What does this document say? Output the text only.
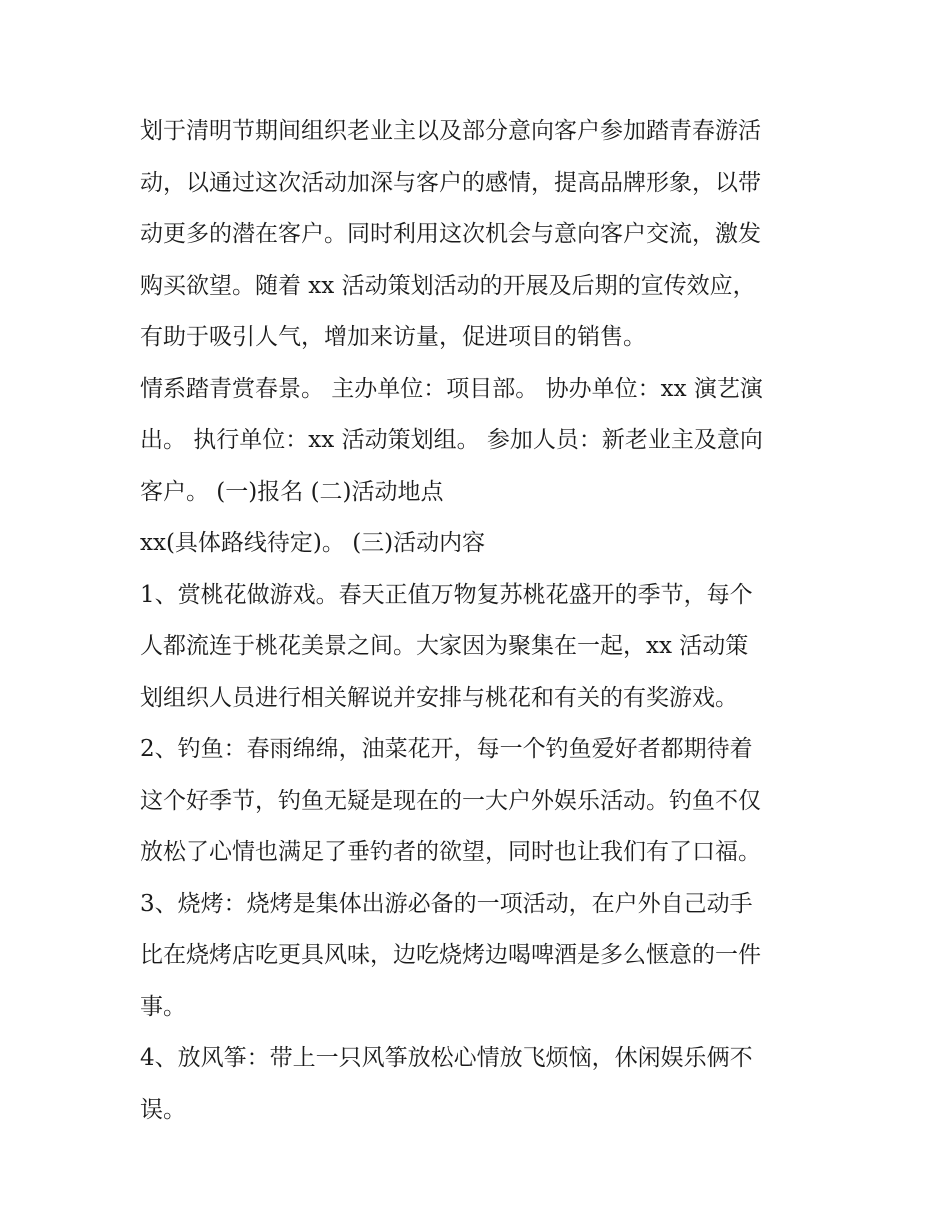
划于清明节期间组织老业主以及部分意向客户参加踏青春游活
动，以通过这次活动加深与客户的感情，提高品牌形象，以带
动更多的潜在客户。同时利用这次机会与意向客户交流，激发
购买欲望。随着 xx 活动策划活动的开展及后期的宣传效应，
有助于吸引人气，增加来访量，促进项目的销售。
情系踏青赏春景。 主办单位：项目部。 协办单位：xx 演艺演
出。 执行单位：xx 活动策划组。 参加人员：新老业主及意向
客户。 (一)报名 (二)活动地点
xx(具体路线待定)。 (三)活动内容
1、赏桃花做游戏。春天正值万物复苏桃花盛开的季节，每个
人都流连于桃花美景之间。大家因为聚集在一起，xx 活动策
划组织人员进行相关解说并安排与桃花和有关的有奖游戏。
2、钓鱼：春雨绵绵，油菜花开，每一个钓鱼爱好者都期待着
这个好季节，钓鱼无疑是现在的一大户外娱乐活动。钓鱼不仅
放松了心情也满足了垂钓者的欲望，同时也让我们有了口福。
3、烧烤：烧烤是集体出游必备的一项活动，在户外自己动手
比在烧烤店吃更具风味，边吃烧烤边喝啤酒是多么惬意的一件
事。
4、放风筝：带上一只风筝放松心情放飞烦恼，休闲娱乐俩不
误。
